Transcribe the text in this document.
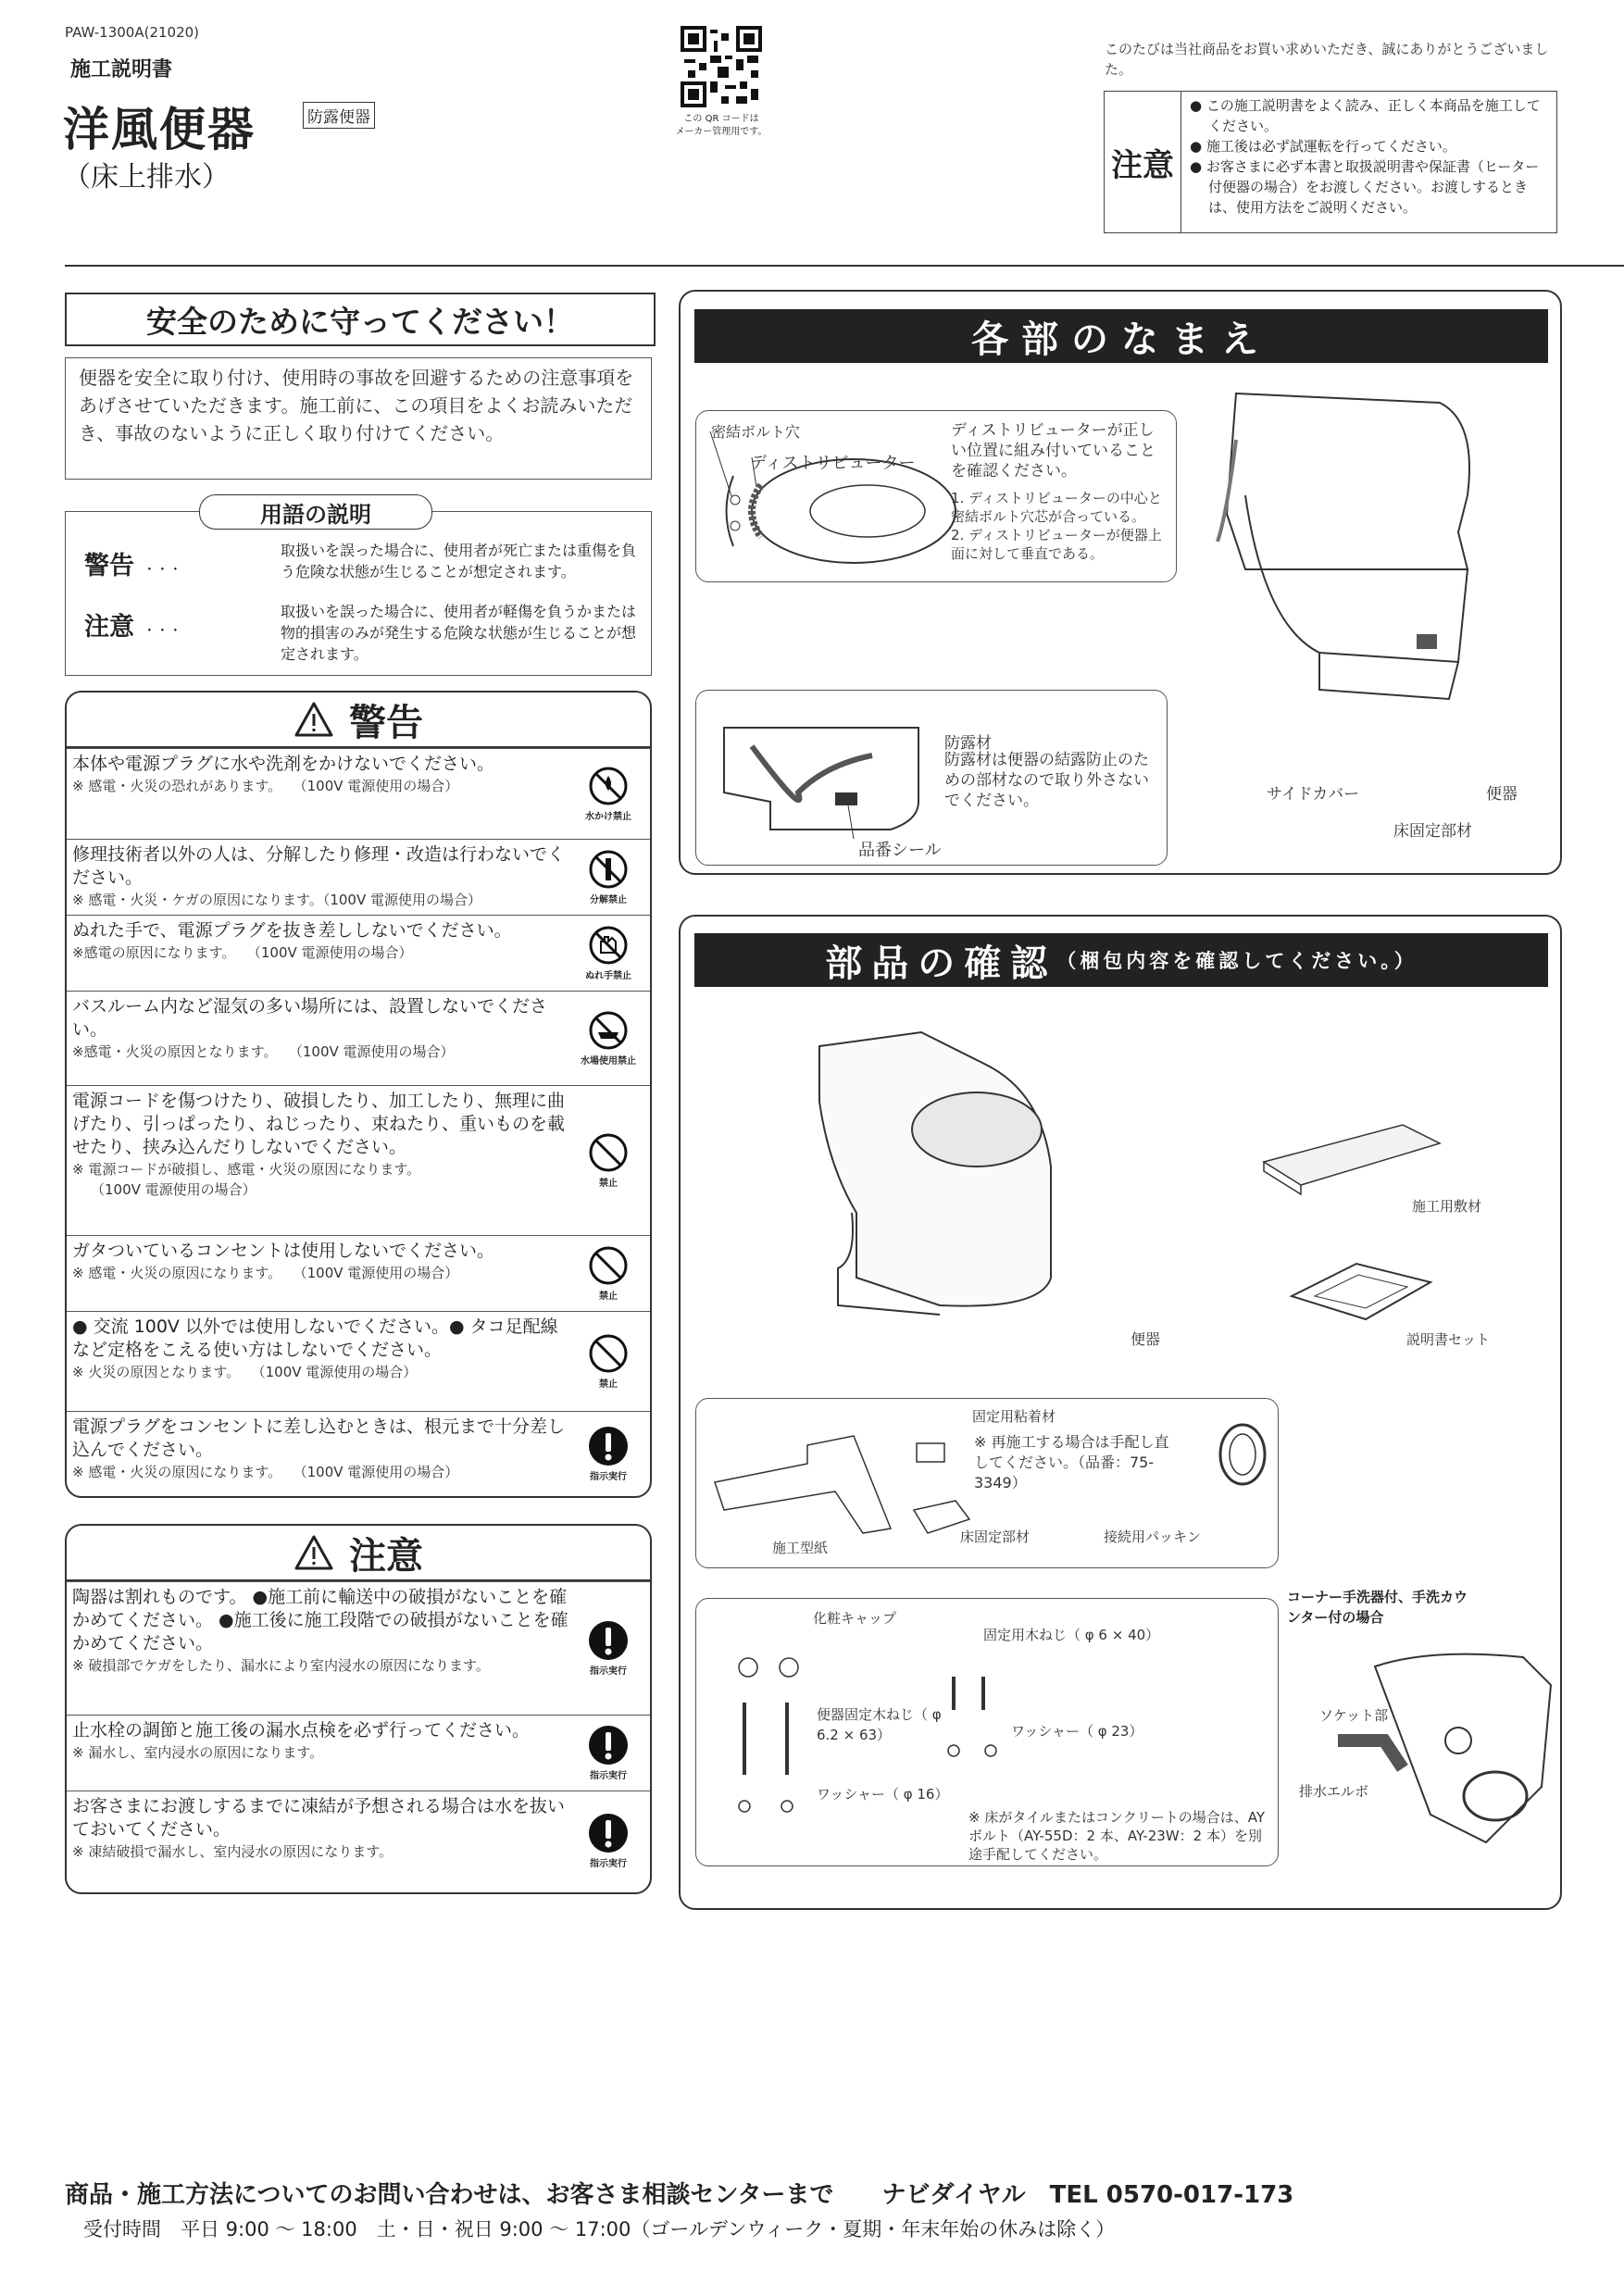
PAW-1300A(21020)
施工説明書
洋風便器	防露便器
（床上排水）
この QR コードは
メーカー管理用です。
このたびは当社商品をお買い求めいただき、誠にありがとうございました。
注意
● この施工説明書をよく読み、正しく本商品を施工してください。
● 施工後は必ず試運転を行ってください。
● お客さまに必ず本書と取扱説明書や保証書（ヒーター付便器の場合）をお渡しください。お渡しするときは、使用方法をご説明ください。
安全のために守ってください！
便器を安全に取り付け、使用時の事故を回避するための注意事項をあげさせていただきます。施工前に、この項目をよくお読みいただき、事故のないように正しく取り付けてください。
警告 ・・・
取扱いを誤った場合に、使用者が死亡または重傷を負う危険な状態が生じることが想定されます。
注意 ・・・
取扱いを誤った場合に、使用者が軽傷を負うかまたは物的損害のみが発生する危険な状態が生じることが想定されます。
用語の説明
警告
本体や電源プラグに水や洗剤をかけないでください。
※ 感電・火災の恐れがあります。 （100V 電源使用の場合）
水かけ禁止
修理技術者以外の人は、分解したり修理・改造は行わないでください。
※ 感電・火災・ケガの原因になります。（100V 電源使用の場合）	分解禁止
ぬれた手で、電源プラグを抜き差ししないでください。
※感電の原因になります。 （100V 電源使用の場合）
ぬれ手禁止
バスルーム内など湿気の多い場所には、設置しないでください。
※感電・火災の原因となります。 （100V 電源使用の場合）
水場使用禁止
電源コードを傷つけたり、破損したり、加工したり、無理に曲げたり、引っぱったり、ねじったり、束ねたり、重いものを載せたり、挟み込んだりしないでください。
※ 電源コードが破損し、感電・火災の原因になります。（100V 電源使用の場合）	禁止
ガタついているコンセントは使用しないでください。
※ 感電・火災の原因になります。 （100V 電源使用の場合）
禁止
● 交流 100V 以外では使用しないでください。● タコ足配線など定格をこえる使い方はしないでください。
※ 火災の原因となります。 （100V 電源使用の場合）
禁止
電源プラグをコンセントに差し込むときは、根元まで十分差し込んでください。
※ 感電・火災の原因になります。 （100V 電源使用の場合）	指示実行
注意
陶器は割れものです。 ●施工前に輸送中の破損がないことを確かめてください。 ●施工後に施工段階での破損がないことを確かめてください。
※ 破損部でケガをしたり、漏水により室内浸水の原因になります。	指示実行
止水栓の調節と施工後の漏水点検を必ず行ってください。
※ 漏水し、室内浸水の原因になります。
指示実行
お客さまにお渡しするまでに凍結が予想される場合は水を抜いておいてください。
※ 凍結破損で漏水し、室内浸水の原因になります。
指示実行
各部のなまえ
密結ボルト穴
ディストリビューター
ディストリビューターが正しい位置に組み付いていることを確認ください。
1. ディストリビューターの中心と密結ボルト穴芯が合っている。
2. ディストリビューターが便器上面に対して垂直である。
防露材
防露材は便器の結露防止のための部材なので取り外さないでください。
品番シール
サイドカバー	便器
床固定部材
部品の確認 （梱包内容を確認してください。）
便器
施工用敷材
説明書セット
固定用粘着材
※ 再施工する場合は手配し直してください。（品番：75-3349）
施工型紙
床固定部材	接続用パッキン
化粧キャップ
固定用木ねじ（ φ 6 × 40）
便器固定木ねじ（ φ 6.2 × 63）	ワッシャー（ φ 23）
ワッシャー（ φ 16）
※ 床がタイルまたはコンクリートの場合は、AY ボルト（AY-55D：2 本、AY-23W：2 本）を別途手配してください。
コーナー手洗器付、手洗カウンター付の場合
ソケット部
排水エルボ
商品・施工方法についてのお問い合わせは、お客さま相談センターまで　　ナビダイヤル　TEL 0570-017-173
受付時間　平日 9:00 〜 18:00　土・日・祝日 9:00 〜 17:00（ゴールデンウィーク・夏期・年末年始の休みは除く）
